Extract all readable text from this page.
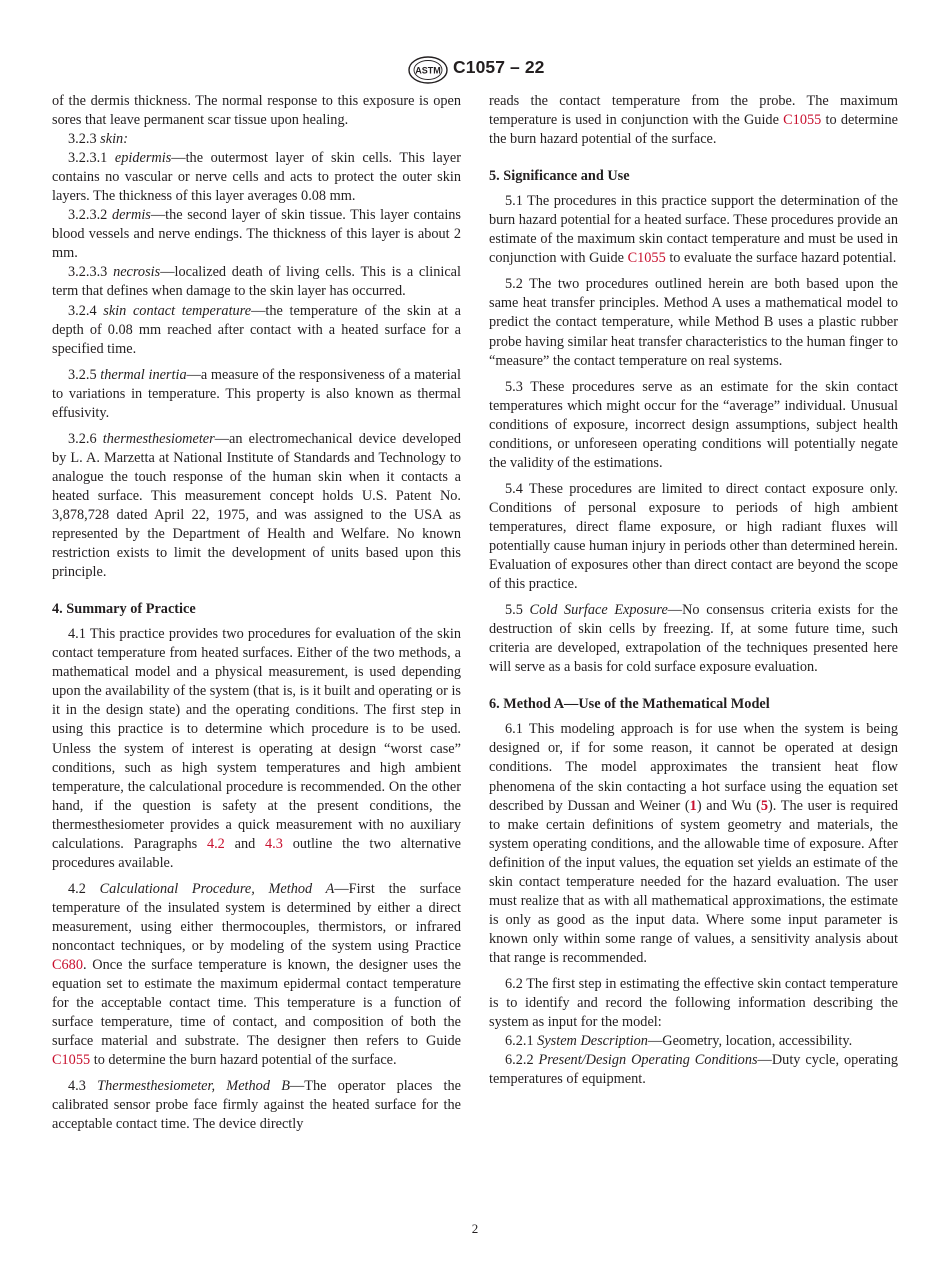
ASTM C1057 – 22

of the dermis thickness. The normal response to this exposure is open sores that leave permanent scar tissue upon healing.

3.2.3 skin:

3.2.3.1 epidermis—the outermost layer of skin cells. This layer contains no vascular or nerve cells and acts to protect the outer skin layers. The thickness of this layer averages 0.08 mm.

3.2.3.2 dermis—the second layer of skin tissue. This layer contains blood vessels and nerve endings. The thickness of this layer is about 2 mm.

3.2.3.3 necrosis—localized death of living cells. This is a clinical term that defines when damage to the skin layer has occurred.

3.2.4 skin contact temperature—the temperature of the skin at a depth of 0.08 mm reached after contact with a heated surface for a specified time.

3.2.5 thermal inertia—a measure of the responsiveness of a material to variations in temperature. This property is also known as thermal effusivity.

3.2.6 thermesthesiometer—an electromechanical device developed by L. A. Marzetta at National Institute of Standards and Technology to analogue the touch response of the human skin when it contacts a heated surface. This measurement concept holds U.S. Patent No. 3,878,728 dated April 22, 1975, and was assigned to the USA as represented by the Department of Health and Welfare. No known restriction exists to limit the development of units based upon this principle.

4. Summary of Practice

4.1 This practice provides two procedures for evaluation of the skin contact temperature from heated surfaces. Either of the two methods, a mathematical model and a physical measurement, is used depending upon the availability of the system (that is, is it built and operating or is it in the design state) and the operating conditions. The first step in using this practice is to determine which procedure is to be used. Unless the system of interest is operating at design “worst case” conditions, such as high system temperatures and high ambient temperature, the calculational procedure is recommended. On the other hand, if the question is safety at the present conditions, the thermesthesiometer provides a quick measurement with no auxiliary calculations. Paragraphs 4.2 and 4.3 outline the two alternative procedures available.

4.2 Calculational Procedure, Method A—First the surface temperature of the insulated system is determined by either a direct measurement, using either thermocouples, thermistors, or infrared noncontact techniques, or by modeling of the system using Practice C680. Once the surface temperature is known, the designer uses the equation set to estimate the maximum epidermal contact temperature for the acceptable contact time. This temperature is a function of surface temperature, time of contact, and composition of both the surface material and substrate. The designer then refers to Guide C1055 to determine the burn hazard potential of the surface.

4.3 Thermesthesiometer, Method B—The operator places the calibrated sensor probe face firmly against the heated surface for the acceptable contact time. The device directly

reads the contact temperature from the probe. The maximum temperature is used in conjunction with the Guide C1055 to determine the burn hazard potential of the surface.

5. Significance and Use

5.1 The procedures in this practice support the determination of the burn hazard potential for a heated surface. These procedures provide an estimate of the maximum skin contact temperature and must be used in conjunction with Guide C1055 to evaluate the surface hazard potential.

5.2 The two procedures outlined herein are both based upon the same heat transfer principles. Method A uses a mathematical model to predict the contact temperature, while Method B uses a plastic rubber probe having similar heat transfer characteristics to the human finger to “measure” the contact temperature on real systems.

5.3 These procedures serve as an estimate for the skin contact temperatures which might occur for the “average” individual. Unusual conditions of exposure, incorrect design assumptions, subject health conditions, or unforeseen operating conditions will potentially negate the validity of the estimations.

5.4 These procedures are limited to direct contact exposure only. Conditions of personal exposure to periods of high ambient temperatures, direct flame exposure, or high radiant fluxes will potentially cause human injury in periods other than determined herein. Evaluation of exposures other than direct contact are beyond the scope of this practice.

5.5 Cold Surface Exposure—No consensus criteria exists for the destruction of skin cells by freezing. If, at some future time, such criteria are developed, extrapolation of the techniques presented here will serve as a basis for cold surface exposure evaluation.

6. Method A—Use of the Mathematical Model

6.1 This modeling approach is for use when the system is being designed or, if for some reason, it cannot be operated at design conditions. The model approximates the transient heat flow phenomena of the skin contacting a hot surface using the equation set described by Dussan and Weiner (1) and Wu (5). The user is required to make certain definitions of system geometry and materials, the system operating conditions, and the allowable time of exposure. After definition of the input values, the equation set yields an estimate of the skin contact temperature needed for the hazard evaluation. The user must realize that as with all mathematical approximations, the estimate is only as good as the input data. Where some input parameter is known only within some range of values, a sensitivity analysis about that range is recommended.

6.2 The first step in estimating the effective skin contact temperature is to identify and record the following information describing the system as input for the model:

6.2.1 System Description—Geometry, location, accessibility.

6.2.2 Present/Design Operating Conditions—Duty cycle, operating temperatures of equipment.

2
